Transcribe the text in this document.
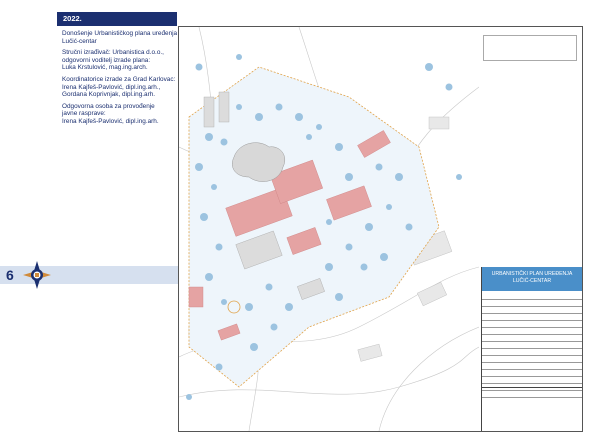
2022.

Donošenje Urbanističkog plana uređenja
Lučić-centar

Stručni izrađivač: Urbanistica d.o.o.,
odgovorni voditelj izrade plana:
Luka Krstulović, mag.ing.arch.

Koordinatorice izrade za Grad Karlovac:
Irena Kajfeš-Pavlović, dipl.ing.arh.,
Gordana Koprivnjak, dipl.ing.arh.

Odgovorna osoba za provođenje
javne rasprave:
Irena Kajfeš-Pavlović, dipl.ing.arh.

6	URBANISTIČKI PLAN UREĐENJA
LUČIĆ-CENTAR
